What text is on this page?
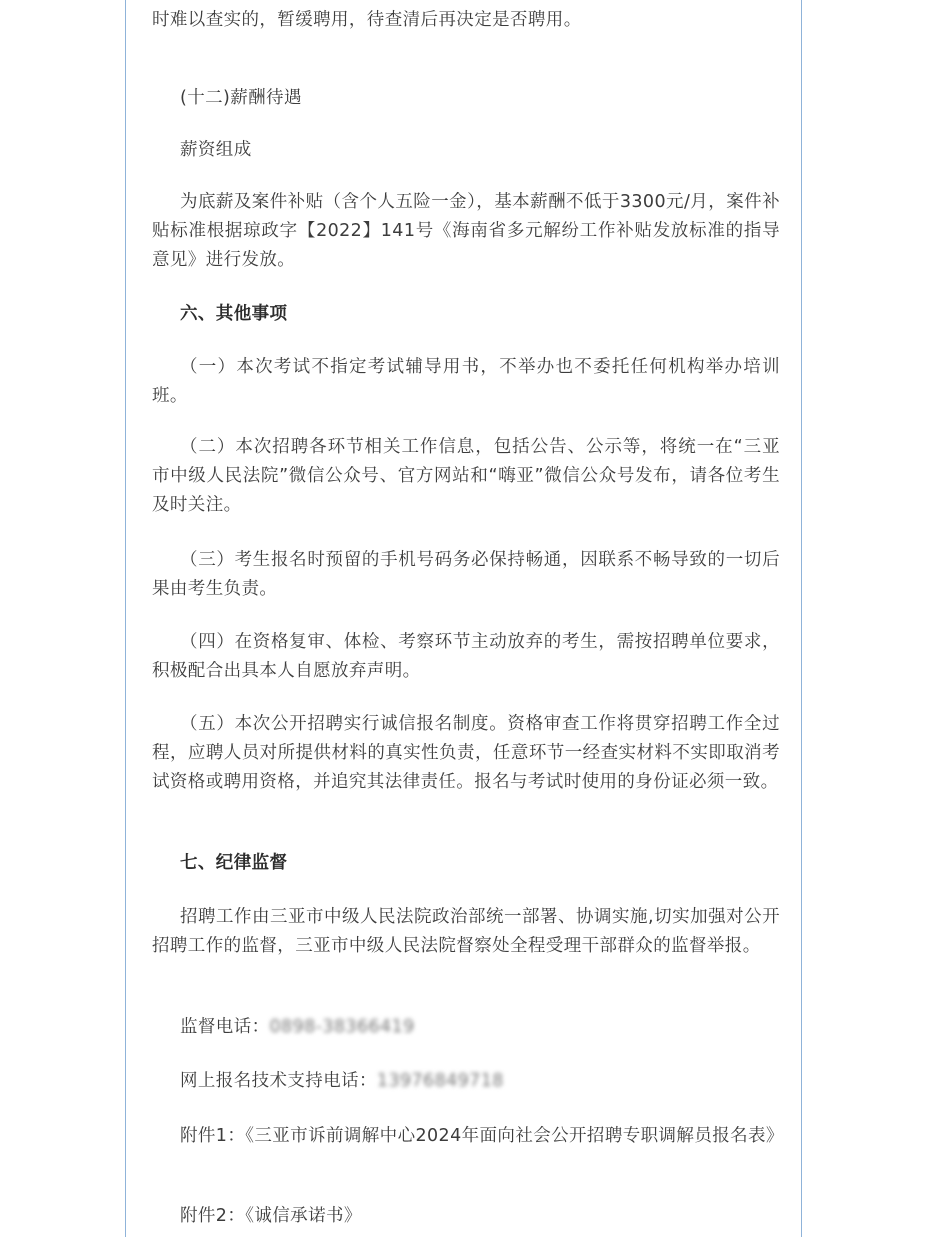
时难以查实的，暂缓聘用，待查清后再决定是否聘用。

(十二)薪酬待遇

薪资组成

为底薪及案件补贴（含个人五险一金），基本薪酬不低于3300元/月，案件补贴标准根据琼政字【2022】141号《海南省多元解纷工作补贴发放标准的指导意见》进行发放。

六、其他事项

（一）本次考试不指定考试辅导用书，不举办也不委托任何机构举办培训班。

（二）本次招聘各环节相关工作信息，包括公告、公示等，将统一在“三亚市中级人民法院”微信公众号、官方网站和“嗨亚”微信公众号发布，请各位考生及时关注。

（三）考生报名时预留的手机号码务必保持畅通，因联系不畅导致的一切后果由考生负责。

（四）在资格复审、体检、考察环节主动放弃的考生，需按招聘单位要求，积极配合出具本人自愿放弃声明。

（五）本次公开招聘实行诚信报名制度。资格审查工作将贯穿招聘工作全过程，应聘人员对所提供材料的真实性负责，任意环节一经查实材料不实即取消考试资格或聘用资格，并追究其法律责任。报名与考试时使用的身份证必须一致。

七、纪律监督

招聘工作由三亚市中级人民法院政治部统一部署、协调实施,切实加强对公开招聘工作的监督，三亚市中级人民法院督察处全程受理干部群众的监督举报。

监督电话：0898-38366419

网上报名技术支持电话：13976849718

附件1：《三亚市诉前调解中心2024年面向社会公开招聘专职调解员报名表》

附件2：《诚信承诺书》
